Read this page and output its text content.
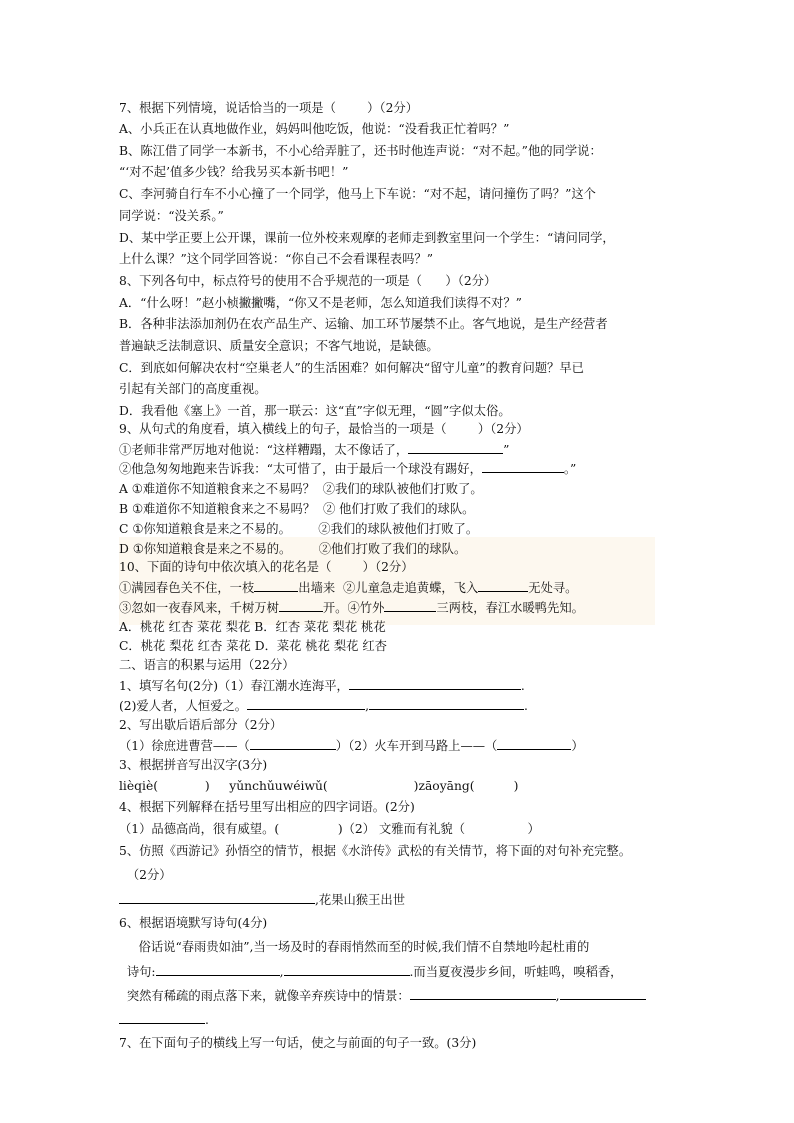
7、根据下列情境，说话恰当的一项是（        ）（2分）
A、小兵正在认真地做作业，妈妈叫他吃饭，他说：“没看我正忙着吗？”
B、陈江借了同学一本新书，不小心给弄脏了，还书时他连声说：“对不起。”他的同学说：
“‘对不起’值多少钱？给我另买本新书吧！”
C、李河骑自行车不小心撞了一个同学，他马上下车说：“对不起，请问撞伤了吗？”这个
同学说：“没关系。”
D、某中学正要上公开课，课前一位外校来观摩的老师走到教室里问一个学生：“请问同学，
上什么课？”这个同学回答说：“你自己不会看课程表吗？”
8、下列各句中，标点符号的使用不合乎规范的一项是（      ）（2分）
A．“什么呀！”赵小桢撇撇嘴，“你又不是老师，怎么知道我们读得不对？”
B．各种非法添加剂仍在农产品生产、运输、加工环节屡禁不止。客气地说，是生产经营者
普遍缺乏法制意识、质量安全意识；不客气地说，是缺德。
C．到底如何解决农村“空巢老人”的生活困难？如何解决“留守儿童”的教育问题？早已
引起有关部门的高度重视。
D．我看他《塞上》一首，那一联云：这“直”字似无理，“圆”字似太俗。
9、从句式的角度看，填入横线上的句子，最恰当的一项是（        ）（2分）
①老师非常严厉地对他说：“这样糟蹋，太不像话了，	”
②他急匆匆地跑来告诉我：“太可惜了，由于最后一个球没有踢好，	。”
A ①难道你不知道粮食来之不易吗？  ②我们的球队被他们打败了。
B ①难道你不知道粮食来之不易吗？  ② 他们打败了我们的球队。
C ①你知道粮食是来之不易的。       ②我们的球队被他们打败了。
D ①你知道粮食是来之不易的。       ②他们打败了我们的球队。
10、下面的诗句中依次填入的花名是（        ）（2分）
①满园春色关不住，一枝	出墙来  ②儿童急走追黄蝶，飞入	无处寻。
③忽如一夜春风来，千树万树	开。④竹外	三两枝，春江水暖鸭先知。
A．桃花 红杏 菜花 梨花 B．红杏 菜花 梨花 桃花
C．桃花 梨花 红杏 菜花 D．菜花 桃花 梨花 红杏
二、语言的积累与运用（22分）
1、填写名句(2分)（1）春江潮水连海平，	.
(2)爱人者，人恒爱之。	,	.
2、写出歇后语后部分（2分）
（1）徐庶进曹营——（	）（2）火车开到马路上——（	）
3、根据拼音写出汉字(3分)
lièqiè(            ) yǔnchǔuwéiwǔ(                      )zāoyāng(          )
4、根据下列解释在括号里写出相应的四字词语。(2分)
（1）品德高尚，很有威望。(               )（2） 文雅而有礼貌（                ）
5、仿照《西游记》孙悟空的情节，根据《水浒传》武松的有关情节，将下面的对句补充完整。
（2分）
,花果山猴王出世
6、根据语境默写诗句(4分)
俗话说“春雨贵如油”,当一场及时的春雨悄然而至的时候,我们情不自禁地吟起杜甫的
诗句:	,	.而当夏夜漫步乡间，听蛙鸣，嗅稻香，
突然有稀疏的雨点落下来，就像辛弃疾诗中的情景：	,
.
7、在下面句子的横线上写一句话，使之与前面的句子一致。(3分)
